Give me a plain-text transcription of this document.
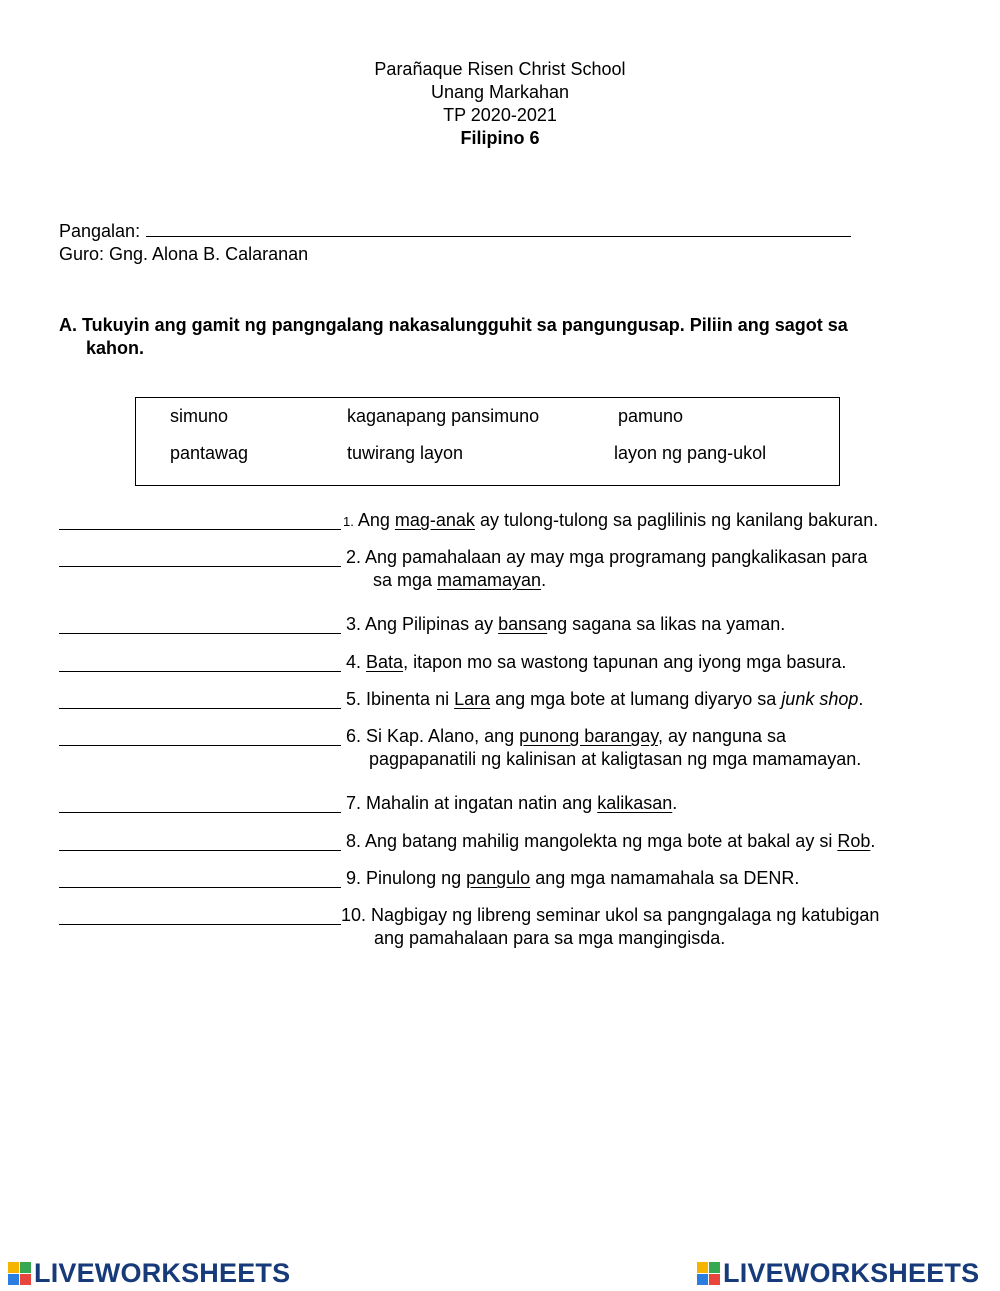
Parañaque Risen Christ School
Unang Markahan
TP 2020-2021
Filipino 6
Pangalan:
Guro: Gng. Alona B. Calaranan
A. Tukuyin ang gamit ng pangngalang nakasalungguhit sa pangungusap. Piliin ang sagot sa
kahon.
simuno	kaganapang pansimuno	pamuno
pantawag	tuwirang layon	layon ng pang-ukol
1. Ang mag-anak ay tulong-tulong sa paglilinis ng kanilang bakuran.
2. Ang pamahalaan ay may mga programang pangkalikasan para
sa mga mamamayan.
3. Ang Pilipinas ay bansang sagana sa likas na yaman.
4. Bata, itapon mo sa wastong tapunan ang iyong mga basura.
5. Ibinenta ni Lara ang mga bote at lumang diyaryo sa junk shop.
6. Si Kap. Alano, ang punong barangay, ay nanguna sa
pagpapanatili ng kalinisan at kaligtasan ng mga mamamayan.
7. Mahalin at ingatan natin ang kalikasan.
8. Ang batang mahilig mangolekta ng mga bote at bakal ay si Rob.
9. Pinulong ng pangulo ang mga namamahala sa DENR.
10. Nagbigay ng libreng seminar ukol sa pangngalaga ng katubigan
ang pamahalaan para sa mga mangingisda.
LIVEWORKSHEETS	LIVEWORKSHEETS
